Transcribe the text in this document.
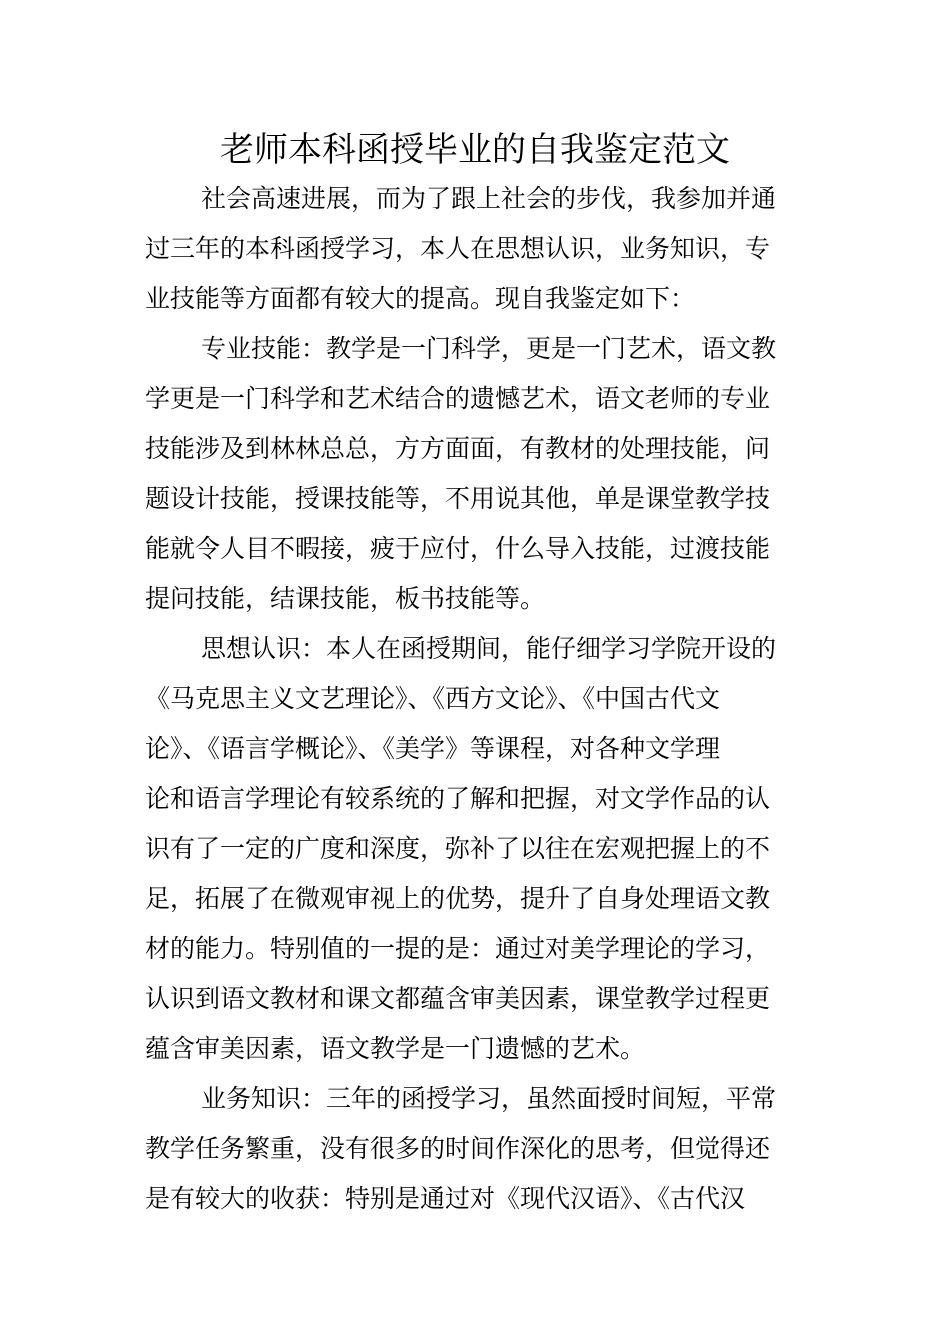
老师本科函授毕业的自我鉴定范文
社会高速进展，而为了跟上社会的步伐，我参加并通
过三年的本科函授学习，本人在思想认识，业务知识，专
业技能等方面都有较大的提高。现自我鉴定如下：
专业技能：教学是一门科学，更是一门艺术，语文教
学更是一门科学和艺术结合的遗憾艺术，语文老师的专业
技能涉及到林林总总，方方面面，有教材的处理技能，问
题设计技能，授课技能等，不用说其他，单是课堂教学技
能就令人目不暇接，疲于应付，什么导入技能，过渡技能
提问技能，结课技能，板书技能等。
思想认识：本人在函授期间，能仔细学习学院开设的
《马克思主义文艺理论》、《西方文论》、《中国古代文
论》、《语言学概论》、《美学》等课程，对各种文学理
论和语言学理论有较系统的了解和把握，对文学作品的认
识有了一定的广度和深度，弥补了以往在宏观把握上的不
足，拓展了在微观审视上的优势，提升了自身处理语文教
材的能力。特别值的一提的是：通过对美学理论的学习，
认识到语文教材和课文都蕴含审美因素，课堂教学过程更
蕴含审美因素，语文教学是一门遗憾的艺术。
业务知识：三年的函授学习，虽然面授时间短，平常
教学任务繁重，没有很多的时间作深化的思考，但觉得还
是有较大的收获：特别是通过对《现代汉语》、《古代汉
